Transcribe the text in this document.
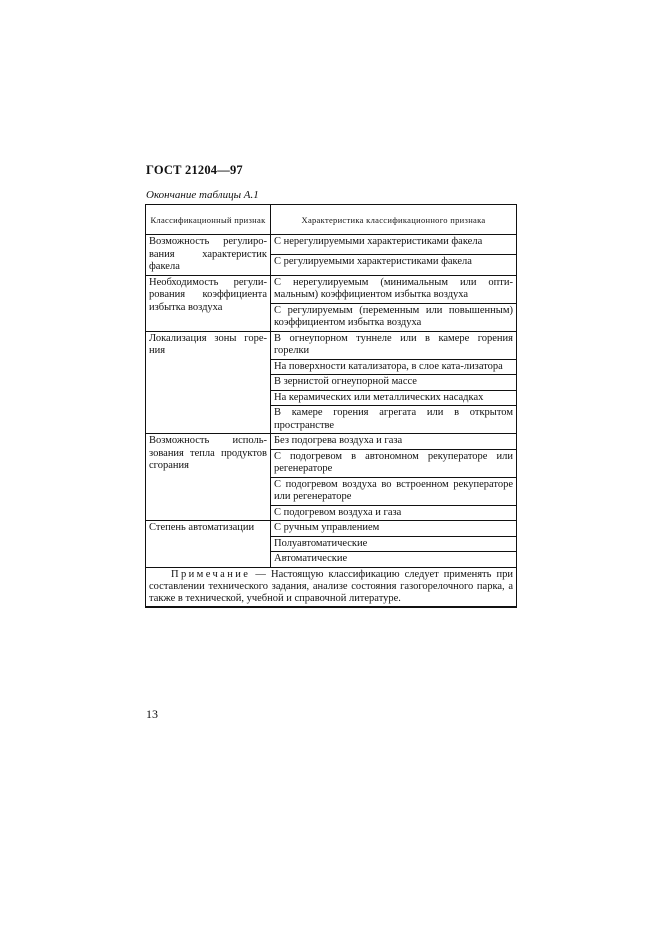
ГОСТ 21204—97
Окончание таблицы А.1
Классификационный признак	Характеристика классификационного признака
Возможность регулиро-вания характеристик факела	С нерегулируемыми характеристиками факела
	С регулируемыми характеристиками факела
Необходимость регули-рования коэффициента избытка воздуха	С нерегулируемым (минимальным или опти-мальным) коэффициентом избытка воздуха
	С регулируемым (переменным или повышенным) коэффициентом избытка воздуха
Локализация зоны горе-ния	В огнеупорном туннеле или в камере горения горелки
	На поверхности катализатора, в слое ката-лизатора
	В зернистой огнеупорной массе
	На керамических или металлических насадках
	В камере горения агрегата или в открытом пространстве
Возможность исполь-зования тепла продуктов сгорания	Без подогрева воздуха и газа
	С подогревом в автономном рекуператоре или регенераторе
	С подогревом воздуха во встроенном рекуператоре или регенераторе
	С подогревом воздуха и газа
Степень автоматизации	С ручным управлением
	Полуавтоматические
	Автоматические
Примечание — Настоящую классификацию следует применять при составлении технического задания, анализе состояния газогорелочного парка, а также в технической, учебной и справочной литературе.	
13
